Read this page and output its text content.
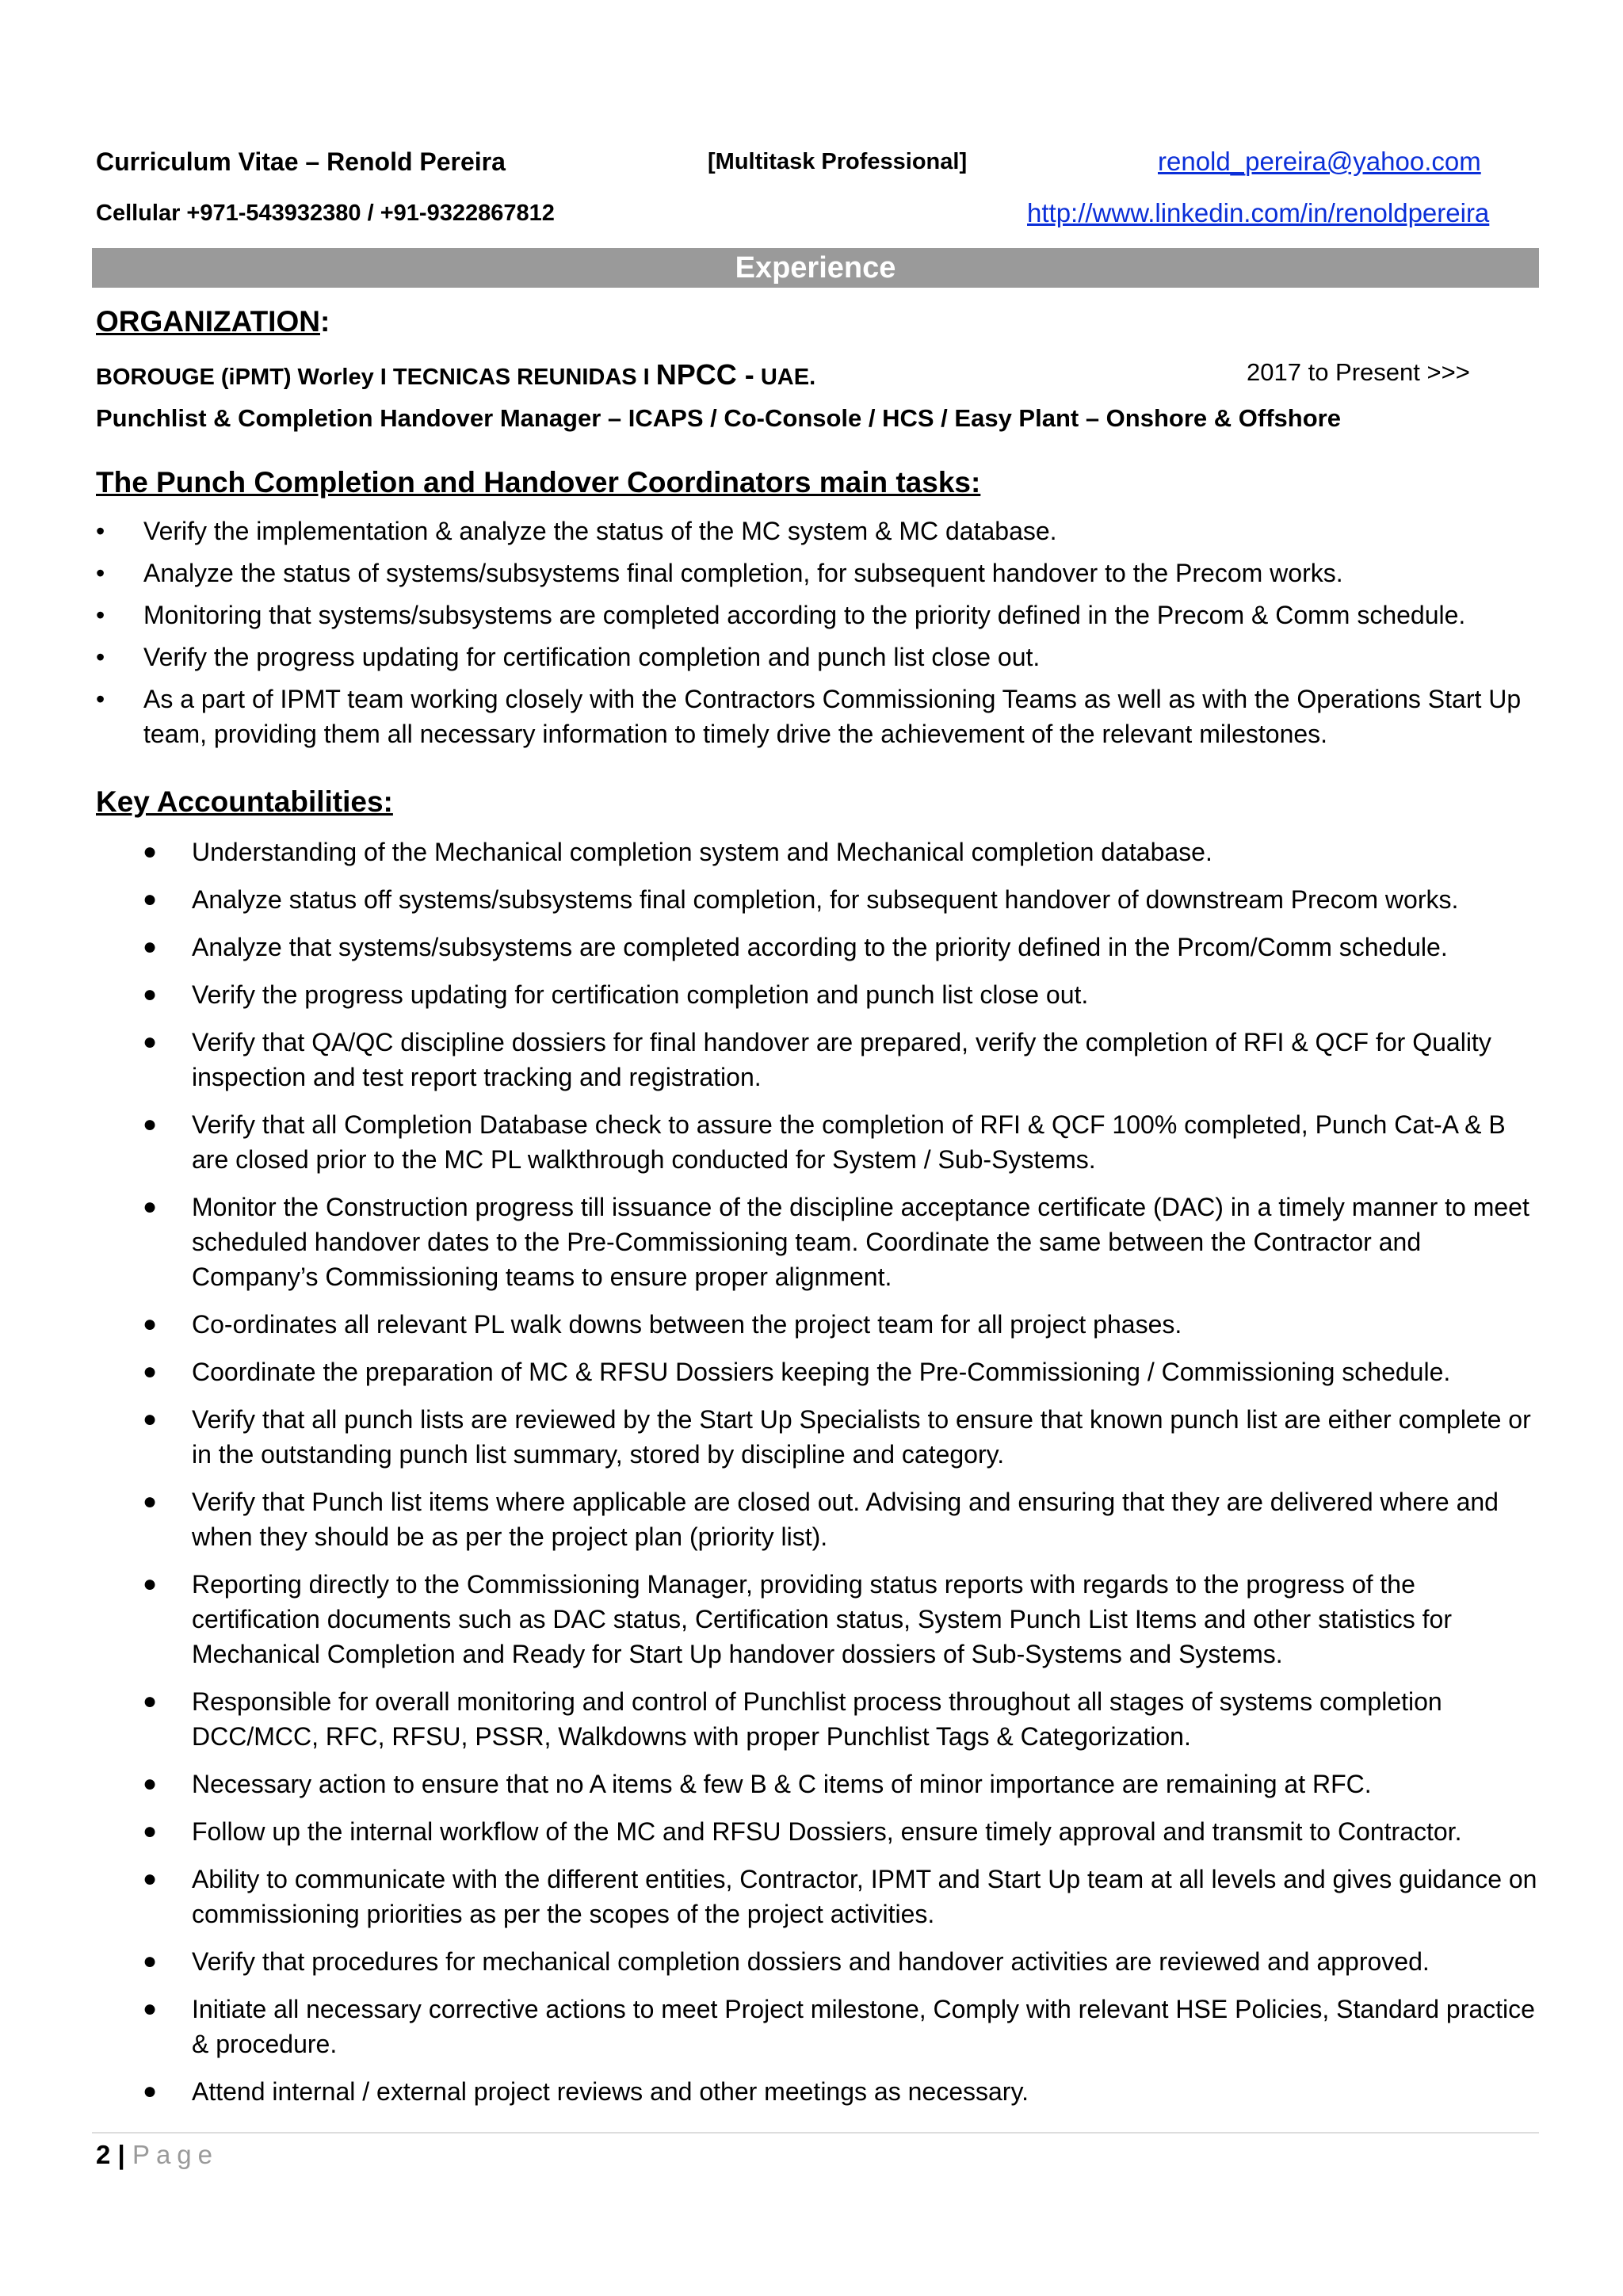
Curriculum Vitae – Renold Pereira	[Multitask Professional]	renold_pereira@yahoo.com
Cellular +971-543932380 / +91-9322867812	http://www.linkedin.com/in/renoldpereira
Experience
ORGANIZATION:
BOROUGE (iPMT) Worley I TECNICAS REUNIDAS I NPCC - UAE.	2017 to Present >>>
Punchlist & Completion Handover Manager – ICAPS / Co-Console / HCS / Easy Plant – Onshore & Offshore
The Punch Completion and Handover Coordinators main tasks:
• Verify the implementation & analyze the status of the MC system & MC database.
• Analyze the status of systems/subsystems final completion, for subsequent handover to the Precom works.
• Monitoring that systems/subsystems are completed according to the priority defined in the Precom & Comm schedule.
• Verify the progress updating for certification completion and punch list close out.
• As a part of IPMT team working closely with the Contractors Commissioning Teams as well as with the Operations Start Up team, providing them all necessary information to timely drive the achievement of the relevant milestones.
Key Accountabilities:
● Understanding of the Mechanical completion system and Mechanical completion database.
● Analyze status off systems/subsystems final completion, for subsequent handover of downstream Precom works.
● Analyze that systems/subsystems are completed according to the priority defined in the Prcom/Comm schedule.
● Verify the progress updating for certification completion and punch list close out.
● Verify that QA/QC discipline dossiers for final handover are prepared, verify the completion of RFI & QCF for Quality inspection and test report tracking and registration.
● Verify that all Completion Database check to assure the completion of RFI & QCF 100% completed, Punch Cat-A & B are closed prior to the MC PL walkthrough conducted for System / Sub-Systems.
● Monitor the Construction progress till issuance of the discipline acceptance certificate (DAC) in a timely manner to meet scheduled handover dates to the Pre-Commissioning team. Coordinate the same between the Contractor and Company’s Commissioning teams to ensure proper alignment.
● Co-ordinates all relevant PL walk downs between the project team for all project phases.
● Coordinate the preparation of MC & RFSU Dossiers keeping the Pre-Commissioning / Commissioning schedule.
● Verify that all punch lists are reviewed by the Start Up Specialists to ensure that known punch list are either complete or in the outstanding punch list summary, stored by discipline and category.
● Verify that Punch list items where applicable are closed out. Advising and ensuring that they are delivered where and when they should be as per the project plan (priority list).
● Reporting directly to the Commissioning Manager, providing status reports with regards to the progress of the certification documents such as DAC status, Certification status, System Punch List Items and other statistics for Mechanical Completion and Ready for Start Up handover dossiers of Sub-Systems and Systems.
● Responsible for overall monitoring and control of Punchlist process throughout all stages of systems completion DCC/MCC, RFC, RFSU, PSSR, Walkdowns with proper Punchlist Tags & Categorization.
● Necessary action to ensure that no A items & few B & C items of minor importance are remaining at RFC.
● Follow up the internal workflow of the MC and RFSU Dossiers, ensure timely approval and transmit to Contractor.
● Ability to communicate with the different entities, Contractor, IPMT and Start Up team at all levels and gives guidance on commissioning priorities as per the scopes of the project activities.
● Verify that procedures for mechanical completion dossiers and handover activities are reviewed and approved.
● Initiate all necessary corrective actions to meet Project milestone, Comply with relevant HSE Policies, Standard practice & procedure.
● Attend internal / external project reviews and other meetings as necessary.
2 | Page
